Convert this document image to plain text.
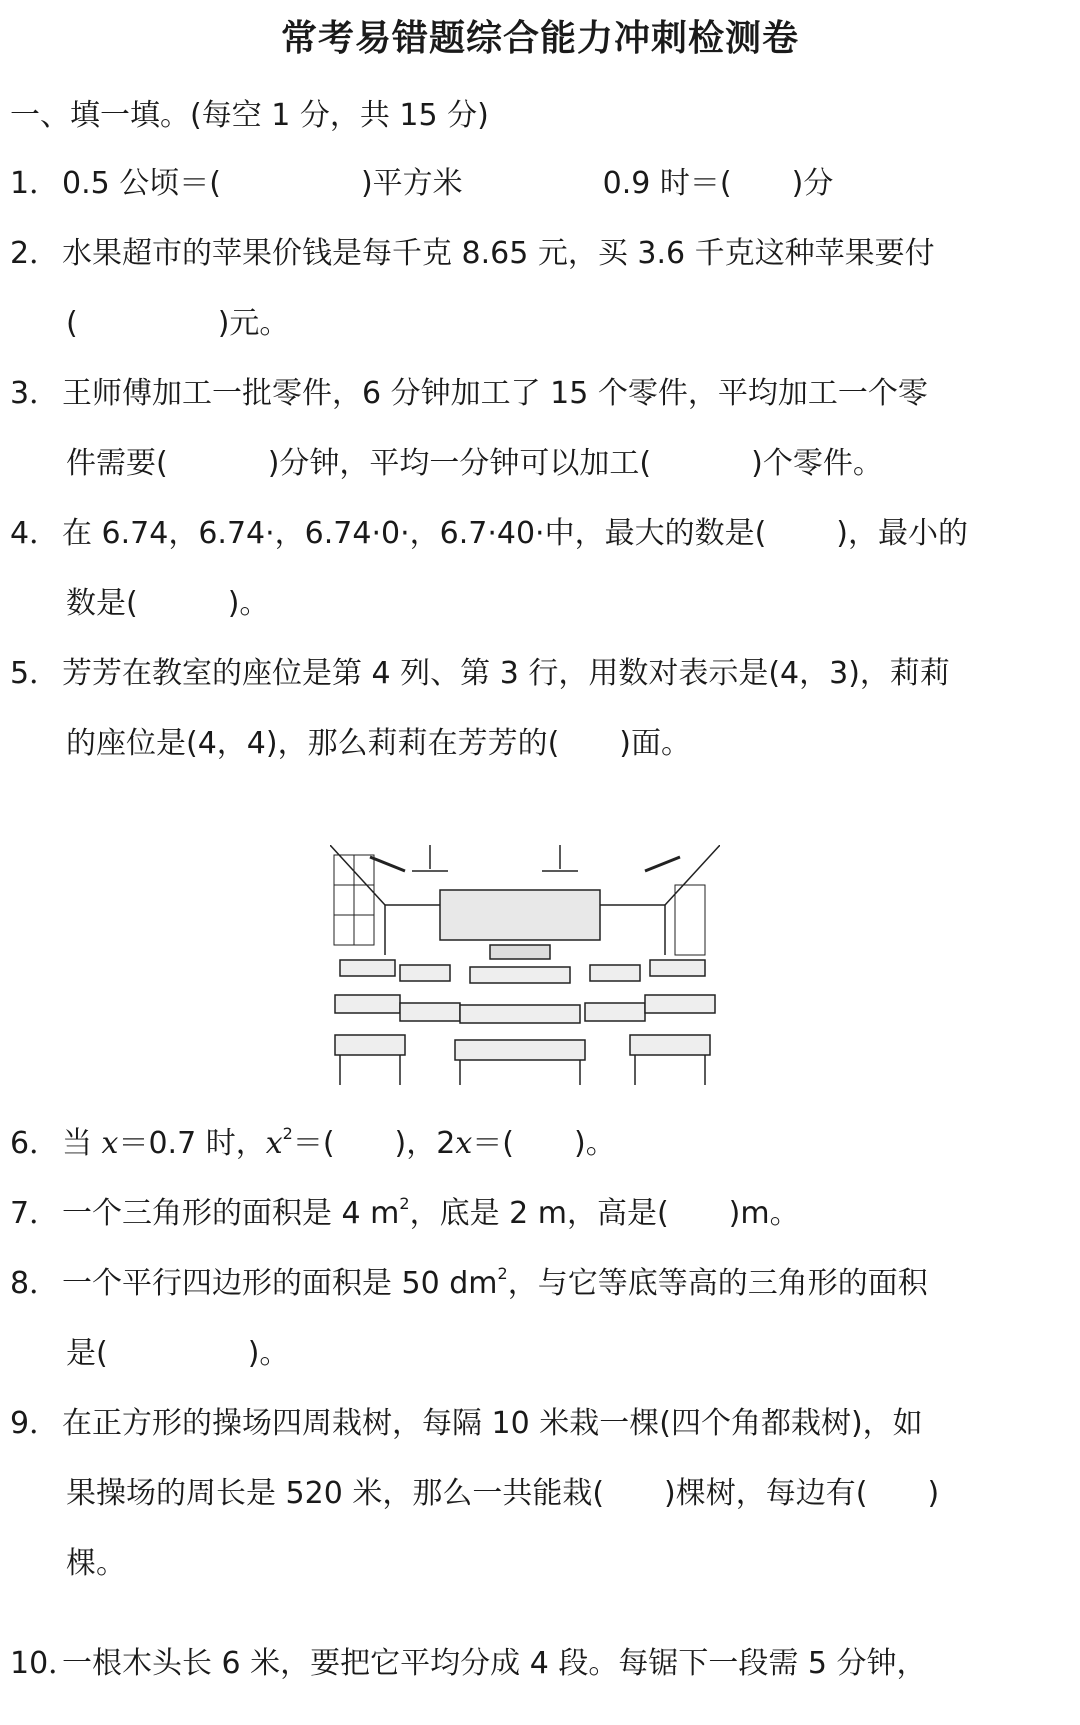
常考易错题综合能力冲刺检测卷
一、填一填。(每空 1 分，共 15 分)
1．0.5 公顷＝(	)平方米	0.9 时＝( )分
2．水果超市的苹果价钱是每千克 8.65 元，买 3.6 千克这种苹果要付
(	)元。
3．王师傅加工一批零件，6 分钟加工了 15 个零件，平均加工一个零
件需要(	)分钟，平均一分钟可以加工(	)个零件。
4．在 6.74，6.74·，6.74·0·，6.7·40·中，最大的数是( )，最小的
数是(	)。
5．芳芳在教室的座位是第 4 列、第 3 行，用数对表示是(4，3)，莉莉
的座位是(4，4)，那么莉莉在芳芳的( )面。
6．当 x＝0.7 时，$x^2=$( )，2x＝( )。
7．一个三角形的面积是 4 $m^2$，底是 2 m，高是( )m。
8．一个平行四边形的面积是 50 $dm^2$，与它等底等高的三角形的面积
是(	)。
9．在正方形的操场四周栽树，每隔 10 米栽一棵(四个角都栽树)，如
果操场的周长是 520 米，那么一共能栽( )棵树，每边有( )
棵。
10．一根木头长 6 米，要把它平均分成 4 段。每锯下一段需 5 分钟，
